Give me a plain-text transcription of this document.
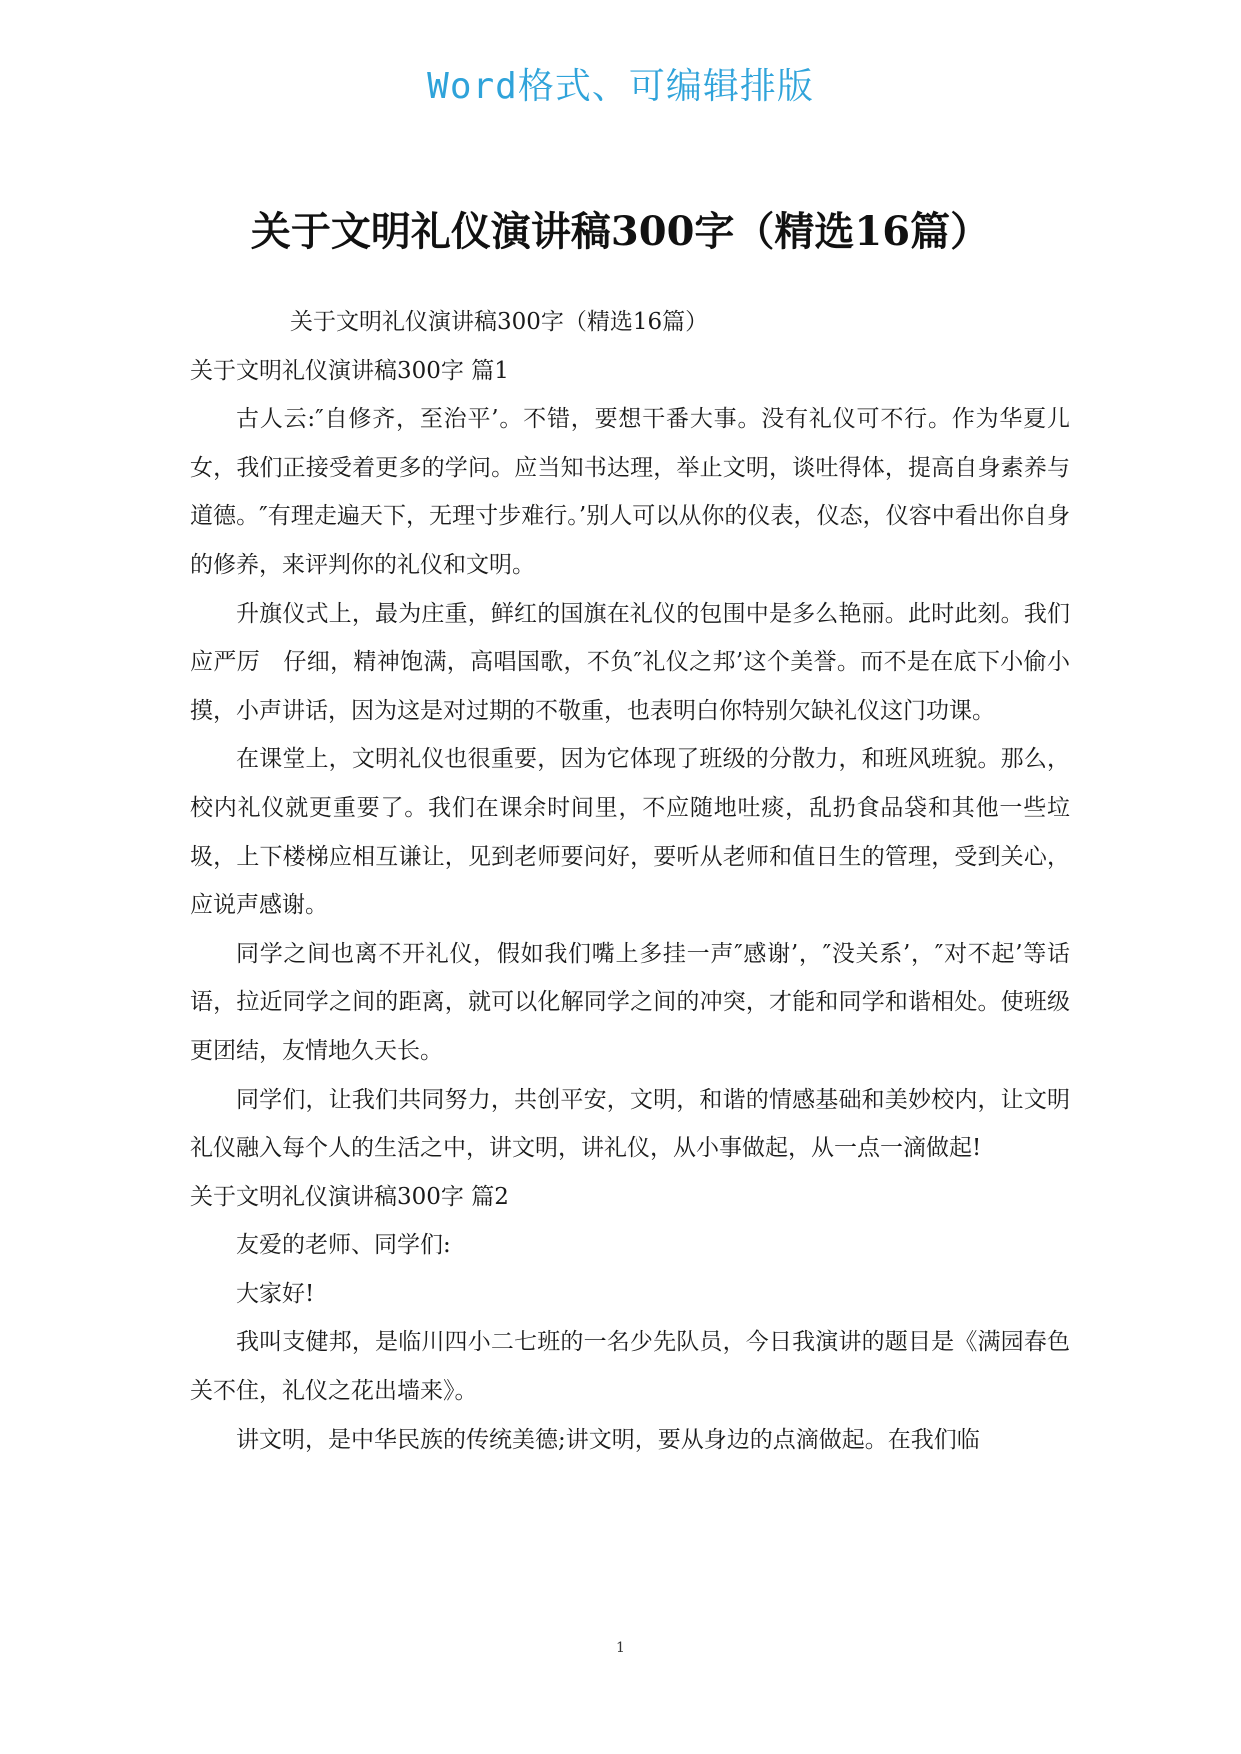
Word格式、可编辑排版
关于文明礼仪演讲稿300字（精选16篇）

关于文明礼仪演讲稿300字（精选16篇）

关于文明礼仪演讲稿300字 篇1

古人云:″自修齐，至治平’。不错，要想干番大事。没有礼仪可不行。作为华夏儿女，我们正接受着更多的学问。应当知书达理，举止文明，谈吐得体，提高自身素养与道德。″有理走遍天下，无理寸步难行。’别人可以从你的仪表，仪态，仪容中看出你自身的修养，来评判你的礼仪和文明。

升旗仪式上，最为庄重，鲜红的国旗在礼仪的包围中是多么艳丽。此时此刻。我们应严厉　仔细，精神饱满，高唱国歌，不负″礼仪之邦’这个美誉。而不是在底下小偷小摸，小声讲话，因为这是对过期的不敬重，也表明白你特别欠缺礼仪这门功课。

在课堂上，文明礼仪也很重要，因为它体现了班级的分散力，和班风班貌。那么，校内礼仪就更重要了。我们在课余时间里，不应随地吐痰，乱扔食品袋和其他一些垃圾，上下楼梯应相互谦让，见到老师要问好，要听从老师和值日生的管理，受到关心，应说声感谢。

同学之间也离不开礼仪，假如我们嘴上多挂一声″感谢’，″没关系’，″对不起’等话语，拉近同学之间的距离，就可以化解同学之间的冲突，才能和同学和谐相处。使班级更团结，友情地久天长。

同学们，让我们共同努力，共创平安，文明，和谐的情感基础和美妙校内，让文明礼仪融入每个人的生活之中，讲文明，讲礼仪，从小事做起，从一点一滴做起!

关于文明礼仪演讲稿300字 篇2

友爱的老师、同学们:

大家好!

我叫支健邦，是临川四小二七班的一名少先队员，今日我演讲的题目是《满园春色关不住，礼仪之花出墙来》。

讲文明，是中华民族的传统美德;讲文明，要从身边的点滴做起。在我们临

1
